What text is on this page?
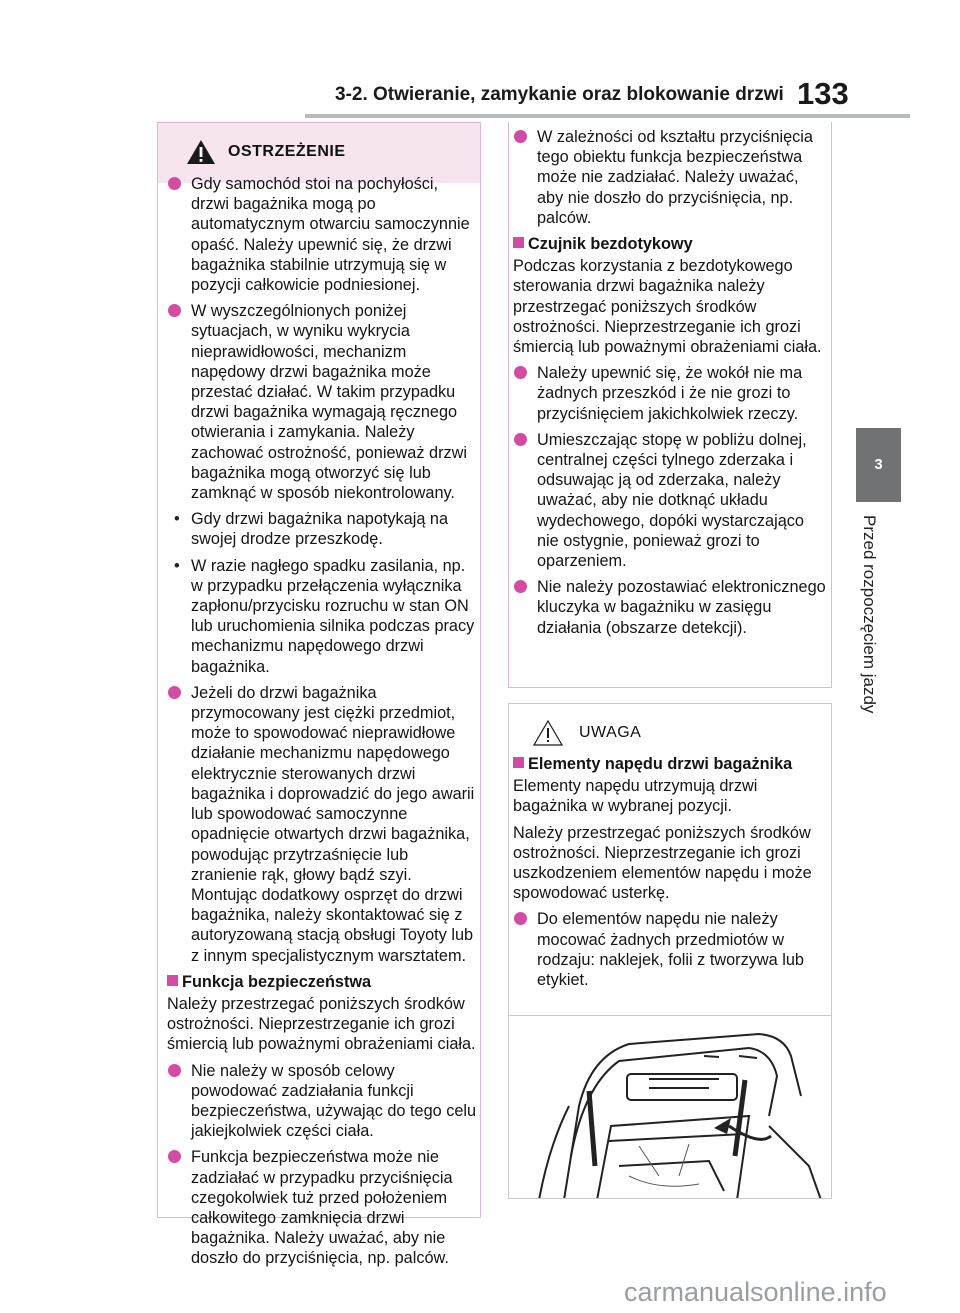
3-2. Otwieranie, zamykanie oraz blokowanie drzwi 133
3
Przed rozpoczęciem jazdy
OSTRZEŻENIE
Gdy samochód stoi na pochyłości, drzwi bagażnika mogą po automatycznym otwarciu samoczynnie opaść. Należy upewnić się, że drzwi bagażnika stabilnie utrzymują się w pozycji całkowicie podniesionej.
W wyszczególnionych poniżej sytuacjach, w wyniku wykrycia nieprawidłowości, mechanizm napędowy drzwi bagażnika może przestać działać. W takim przypadku drzwi bagażnika wymagają ręcznego otwierania i zamykania. Należy zachować ostrożność, ponieważ drzwi bagażnika mogą otworzyć się lub zamknąć w sposób niekontrolowany.
• Gdy drzwi bagażnika napotykają na swojej drodze przeszkodę.
• W razie nagłego spadku zasilania, np. w przypadku przełączenia wyłącznika zapłonu/przycisku rozruchu w stan ON lub uruchomienia silnika podczas pracy mechanizmu napędowego drzwi bagażnika.
Jeżeli do drzwi bagażnika przymocowany jest ciężki przedmiot, może to spowodować nieprawidłowe działanie mechanizmu napędowego elektrycznie sterowanych drzwi bagażnika i doprowadzić do jego awarii lub spowodować samoczynne opadnięcie otwartych drzwi bagażnika, powodując przytrzaśnięcie lub zranienie rąk, głowy bądź szyi. Montując dodatkowy osprzęt do drzwi bagażnika, należy skontaktować się z autoryzowaną stacją obsługi Toyoty lub z innym specjalistycznym warsztatem.
Funkcja bezpieczeństwa
Należy przestrzegać poniższych środków ostrożności. Nieprzestrzeganie ich grozi śmiercią lub poważnymi obrażeniami ciała.
Nie należy w sposób celowy powodować zadziałania funkcji bezpieczeństwa, używając do tego celu jakiejkolwiek części ciała.
Funkcja bezpieczeństwa może nie zadziałać w przypadku przyciśnięcia czegokolwiek tuż przed położeniem całkowitego zamknięcia drzwi bagażnika. Należy uważać, aby nie doszło do przyciśnięcia, np. palców.
W zależności od kształtu przyciśnięcia tego obiektu funkcja bezpieczeństwa może nie zadziałać. Należy uważać, aby nie doszło do przyciśnięcia, np. palców.
Czujnik bezdotykowy
Podczas korzystania z bezdotykowego sterowania drzwi bagażnika należy przestrzegać poniższych środków ostrożności. Nieprzestrzeganie ich grozi śmiercią lub poważnymi obrażeniami ciała.
Należy upewnić się, że wokół nie ma żadnych przeszkód i że nie grozi to przyciśnięciem jakichkolwiek rzeczy.
Umieszczając stopę w pobliżu dolnej, centralnej części tylnego zderzaka i odsuwając ją od zderzaka, należy uważać, aby nie dotknąć układu wydechowego, dopóki wystarczająco nie ostygnie, ponieważ grozi to oparzeniem.
Nie należy pozostawiać elektronicznego kluczyka w bagażniku w zasięgu działania (obszarze detekcji).
UWAGA
Elementy napędu drzwi bagażnika
Elementy napędu utrzymują drzwi bagażnika w wybranej pozycji.
Należy przestrzegać poniższych środków ostrożności. Nieprzestrzeganie ich grozi uszkodzeniem elementów napędu i może spowodować usterkę.
Do elementów napędu nie należy mocować żadnych przedmiotów w rodzaju: naklejek, folii z tworzywa lub etykiet.
carmanualsonline.info
